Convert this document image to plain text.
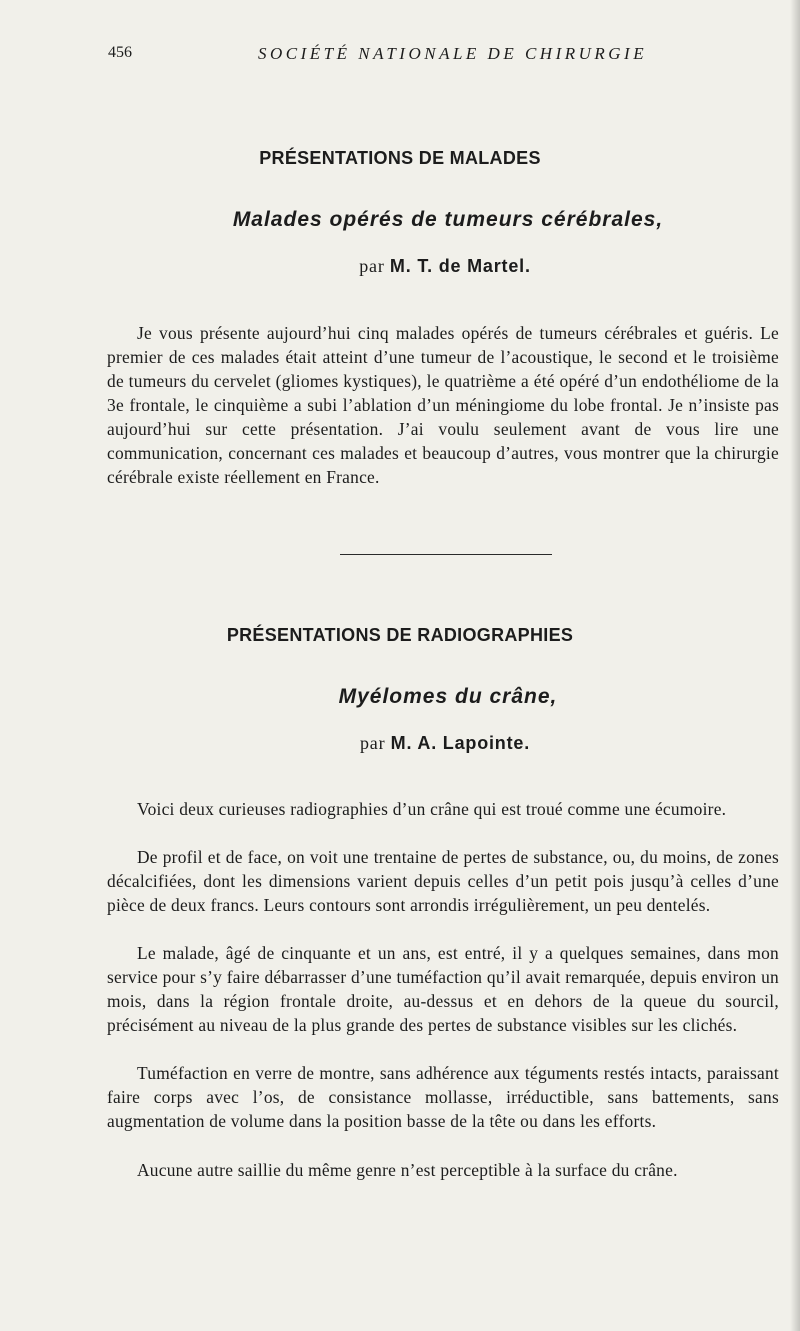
456	SOCIÉTÉ NATIONALE DE CHIRURGIE
PRÉSENTATIONS DE MALADES
Malades opérés de tumeurs cérébrales,
par M. T. de Martel.

Je vous présente aujourd’hui cinq malades opérés de tumeurs cérébrales et guéris. Le premier de ces malades était atteint d’une tumeur de l’acoustique, le second et le troisième de tumeurs du cervelet (gliomes kystiques), le quatrième a été opéré d’un endothéliome de la 3e frontale, le cinquième a subi l’ablation d’un méningiome du lobe frontal. Je n’insiste pas aujourd’hui sur cette présentation. J’ai voulu seulement avant de vous lire une communication, concernant ces malades et beaucoup d’autres, vous montrer que la chirurgie cérébrale existe réellement en France.

PRÉSENTATIONS DE RADIOGRAPHIES
Myélomes du crâne,
par M. A. Lapointe.

Voici deux curieuses radiographies d’un crâne qui est troué comme une écumoire.

De profil et de face, on voit une trentaine de pertes de substance, ou, du moins, de zones décalcifiées, dont les dimensions varient depuis celles d’un petit pois jusqu’à celles d’une pièce de deux francs. Leurs contours sont arrondis irrégulièrement, un peu dentelés.

Le malade, âgé de cinquante et un ans, est entré, il y a quelques semaines, dans mon service pour s’y faire débarrasser d’une tuméfaction qu’il avait remarquée, depuis environ un mois, dans la région frontale droite, au-dessus et en dehors de la queue du sourcil, précisément au niveau de la plus grande des pertes de substance visibles sur les clichés.

Tuméfaction en verre de montre, sans adhérence aux téguments restés intacts, paraissant faire corps avec l’os, de consistance mollasse, irréductible, sans battements, sans augmentation de volume dans la position basse de la tête ou dans les efforts.

Aucune autre saillie du même genre n’est perceptible à la surface du crâne.
